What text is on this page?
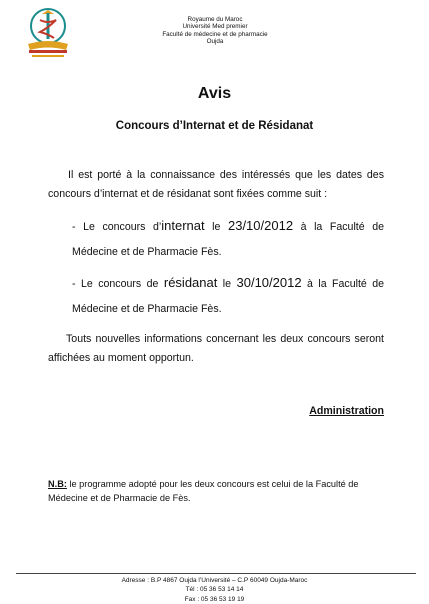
Royaume du Maroc
Université Med premier
Faculté de médecine et de pharmacie
Oujda
Avis
Concours d’Internat et de Résidanat
Il est porté à la connaissance des intéressés que les dates des concours d’internat et de résidanat sont fixées comme suit :
- Le concours d’internat le 23/10/2012 à la Faculté de Médecine et de Pharmacie Fès.
- Le concours de résidanat le 30/10/2012 à la Faculté de Médecine et de Pharmacie Fès.
Touts nouvelles informations concernant les deux concours seront affichées au moment opportun.
Administration
N.B: le programme adopté pour les deux concours est celui de la Faculté de Médecine et de Pharmacie de Fès.
Adresse : B.P 4867 Oujda l’Université – C.P 60049 Oujda-Maroc
Tél : 05 36 53 14 14
Fax : 05 36 53 19 19
